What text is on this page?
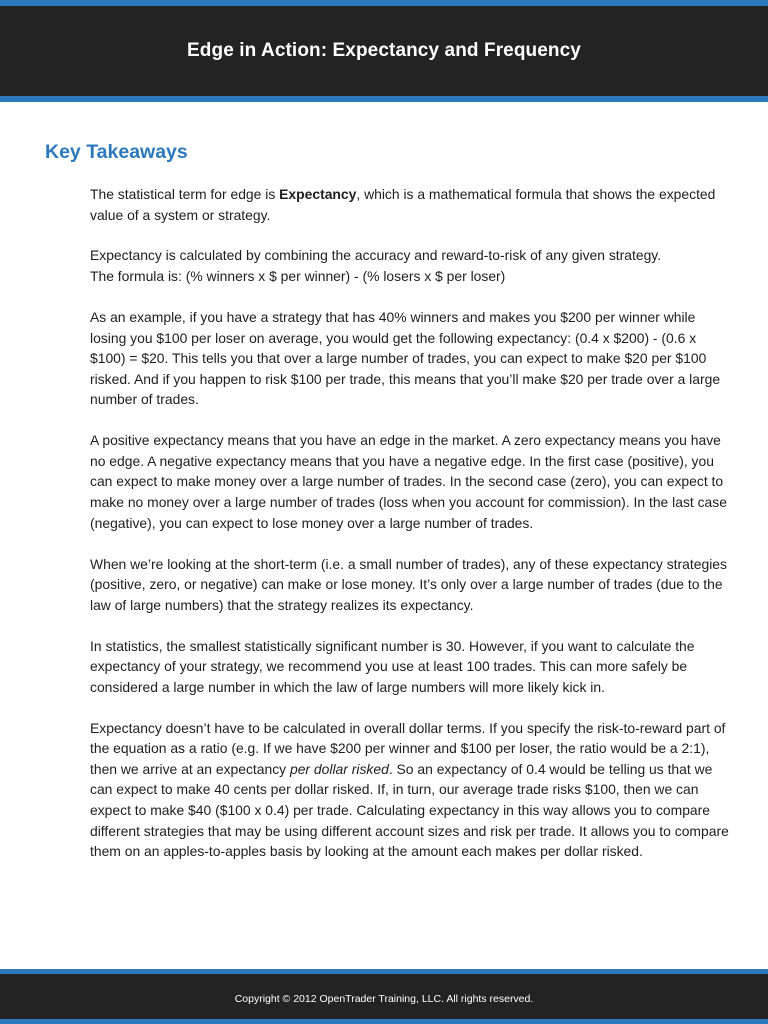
Edge in Action: Expectancy and Frequency
Key Takeaways

The statistical term for edge is Expectancy, which is a mathematical formula that shows the expected value of a system or strategy.

Expectancy is calculated by combining the accuracy and reward-to-risk of any given strategy.
The formula is: (% winners x $ per winner) - (% losers x $ per loser)

As an example, if you have a strategy that has 40% winners and makes you $200 per winner while losing you $100 per loser on average, you would get the following expectancy: (0.4 x $200) - (0.6 x $100) = $20. This tells you that over a large number of trades, you can expect to make $20 per $100 risked. And if you happen to risk $100 per trade, this means that you’ll make $20 per trade over a large number of trades.

A positive expectancy means that you have an edge in the market. A zero expectancy means you have no edge. A negative expectancy means that you have a negative edge. In the first case (positive), you can expect to make money over a large number of trades. In the second case (zero), you can expect to make no money over a large number of trades (loss when you account for commission). In the last case (negative), you can expect to lose money over a large number of trades.

When we’re looking at the short-term (i.e. a small number of trades), any of these expectancy strategies (positive, zero, or negative) can make or lose money. It’s only over a large number of trades (due to the law of large numbers) that the strategy realizes its expectancy.

In statistics, the smallest statistically significant number is 30. However, if you want to calculate the expectancy of your strategy, we recommend you use at least 100 trades. This can more safely be considered a large number in which the law of large numbers will more likely kick in.

Expectancy doesn’t have to be calculated in overall dollar terms. If you specify the risk-to-reward part of the equation as a ratio (e.g. If we have $200 per winner and $100 per loser, the ratio would be a 2:1), then we arrive at an expectancy per dollar risked. So an expectancy of 0.4 would be telling us that we can expect to make 40 cents per dollar risked. If, in turn, our average trade risks $100, then we can expect to make $40 ($100 x 0.4) per trade. Calculating expectancy in this way allows you to compare different strategies that may be using different account sizes and risk per trade. It allows you to compare them on an apples-to-apples basis by looking at the amount each makes per dollar risked.

Copyright © 2012 OpenTrader Training, LLC. All rights reserved.
